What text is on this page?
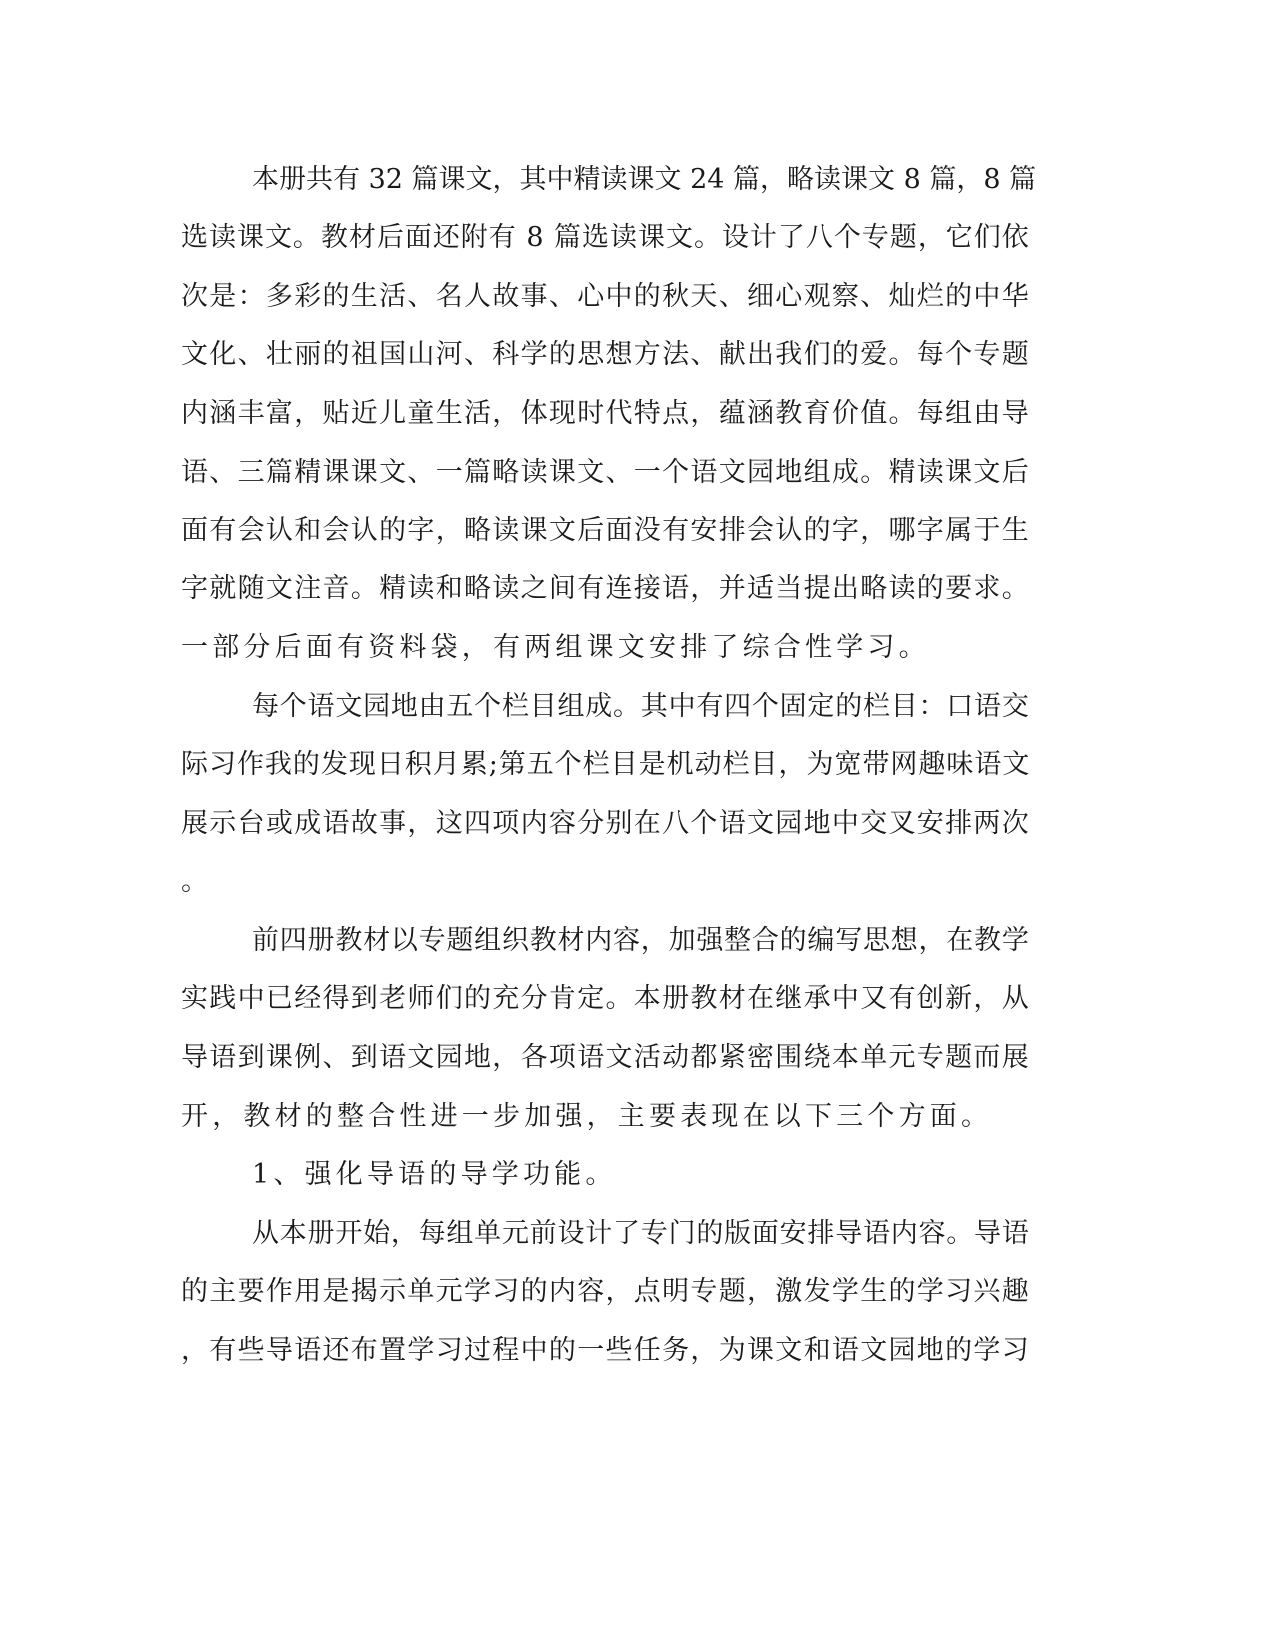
本册共有 32 篇课文，其中精读课文 24 篇，略读课文 8 篇，8 篇
选读课文。教材后面还附有 8 篇选读课文。设计了八个专题，它们依
次是：多彩的生活、名人故事、心中的秋天、细心观察、灿烂的中华
文化、壮丽的祖国山河、科学的思想方法、献出我们的爱。每个专题
内涵丰富，贴近儿童生活，体现时代特点，蕴涵教育价值。每组由导
语、三篇精课课文、一篇略读课文、一个语文园地组成。精读课文后
面有会认和会认的字，略读课文后面没有安排会认的字，哪字属于生
字就随文注音。精读和略读之间有连接语，并适当提出略读的要求。
一部分后面有资料袋，有两组课文安排了综合性学习。
每个语文园地由五个栏目组成。其中有四个固定的栏目：口语交
际习作我的发现日积月累;第五个栏目是机动栏目，为宽带网趣味语文
展示台或成语故事，这四项内容分别在八个语文园地中交叉安排两次
。
前四册教材以专题组织教材内容，加强整合的编写思想，在教学
实践中已经得到老师们的充分肯定。本册教材在继承中又有创新，从
导语到课例、到语文园地，各项语文活动都紧密围绕本单元专题而展
开，教材的整合性进一步加强，主要表现在以下三个方面。
1、强化导语的导学功能。
从本册开始，每组单元前设计了专门的版面安排导语内容。导语
的主要作用是揭示单元学习的内容，点明专题，激发学生的学习兴趣
，有些导语还布置学习过程中的一些任务，为课文和语文园地的学习
